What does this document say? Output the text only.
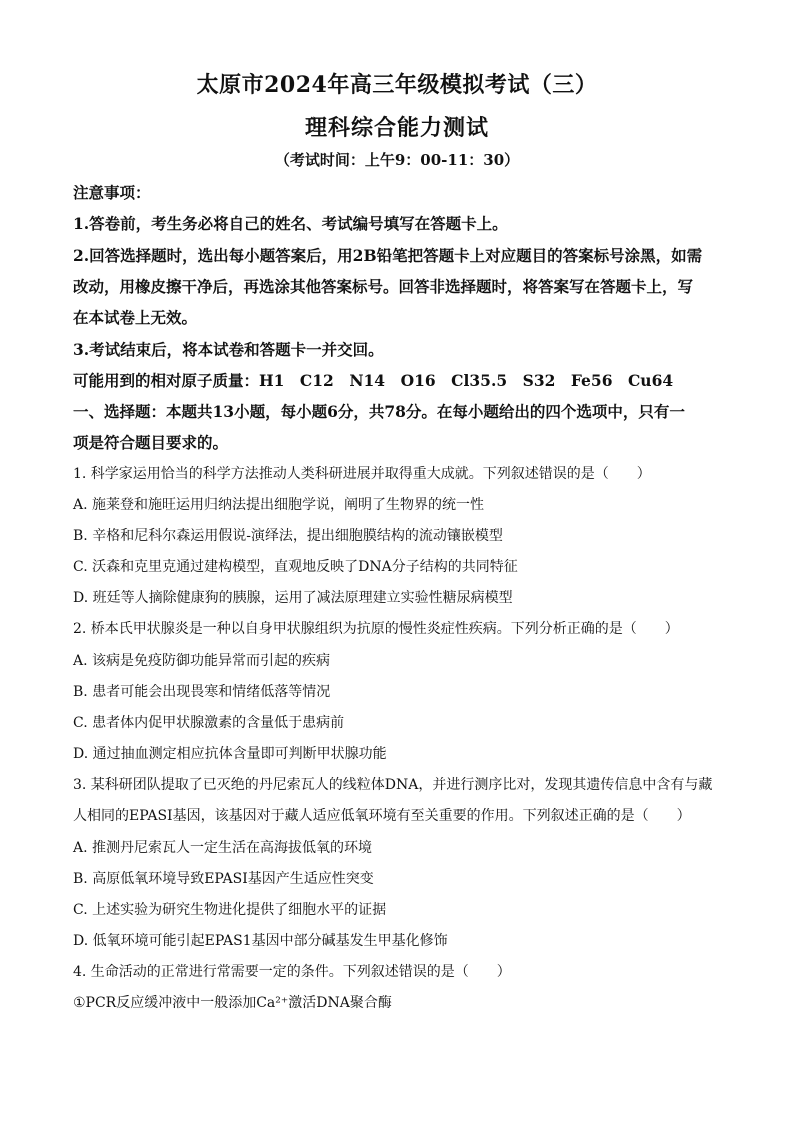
太原市2024年高三年级模拟考试（三）
理科综合能力测试
（考试时间：上午9：00-11：30）
注意事项：
1.答卷前，考生务必将自己的姓名、考试编号填写在答题卡上。
2.回答选择题时，选出每小题答案后，用2B铅笔把答题卡上对应题目的答案标号涂黑，如需
改动，用橡皮擦干净后，再选涂其他答案标号。回答非选择题时，将答案写在答题卡上，写
在本试卷上无效。
3.考试结束后，将本试卷和答题卡一并交回。
可能用到的相对原子质量：H1　C12　N14　O16　Cl35.5　S32　Fe56　Cu64
一、选择题：本题共13小题，每小题6分，共78分。在每小题给出的四个选项中，只有一
项是符合题目要求的。
1. 科学家运用恰当的科学方法推动人类科研进展并取得重大成就。下列叙述错误的是（　　）
A. 施莱登和施旺运用归纳法提出细胞学说，阐明了生物界的统一性
B. 辛格和尼科尔森运用假说-演绎法，提出细胞膜结构的流动镶嵌模型
C. 沃森和克里克通过建构模型，直观地反映了DNA分子结构的共同特征
D. 班廷等人摘除健康狗的胰腺，运用了减法原理建立实验性糖尿病模型
2. 桥本氏甲状腺炎是一种以自身甲状腺组织为抗原的慢性炎症性疾病。下列分析正确的是（　　）
A. 该病是免疫防御功能异常而引起的疾病
B. 患者可能会出现畏寒和情绪低落等情况
C. 患者体内促甲状腺激素的含量低于患病前
D. 通过抽血测定相应抗体含量即可判断甲状腺功能
3. 某科研团队提取了已灭绝的丹尼索瓦人的线粒体DNA，并进行测序比对，发现其遗传信息中含有与藏
人相同的EPASI基因，该基因对于藏人适应低氧环境有至关重要的作用。下列叙述正确的是（　　）
A. 推测丹尼索瓦人一定生活在高海拔低氧的环境
B. 高原低氧环境导致EPASI基因产生适应性突变
C. 上述实验为研究生物进化提供了细胞水平的证据
D. 低氧环境可能引起EPAS1基因中部分碱基发生甲基化修饰
4. 生命活动的正常进行常需要一定的条件。下列叙述错误的是（　　）
①PCR反应缓冲液中一般添加Ca²⁺激活DNA聚合酶
